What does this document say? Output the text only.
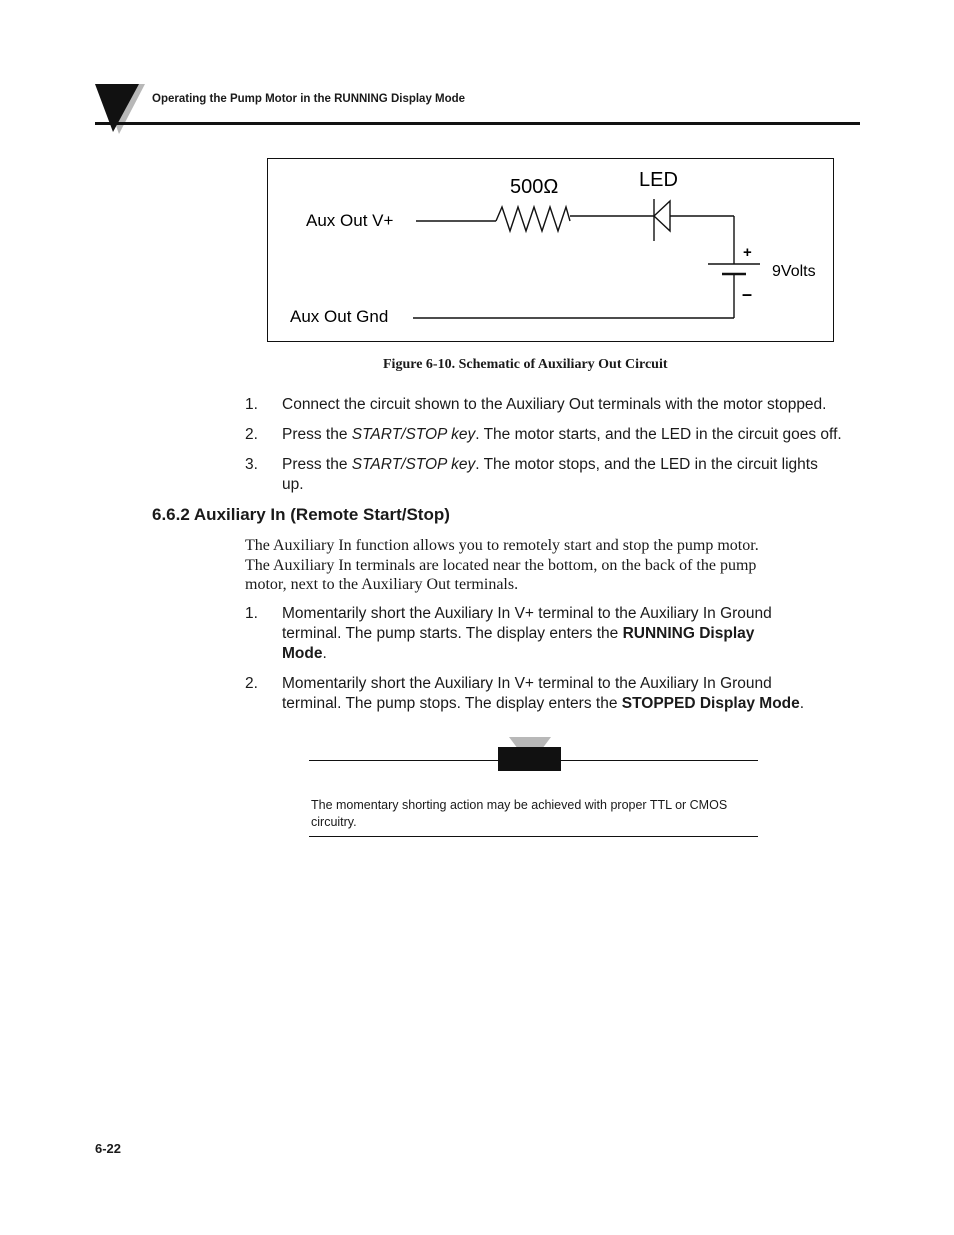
Operating the Pump Motor in the RUNNING Display Mode
Aux Out V+
Aux Out Gnd
500Ω	LED
+
–
9Volts
Figure 6-10. Schematic of Auxiliary Out Circuit
1. Connect the circuit shown to the Auxiliary Out terminals with the motor stopped.
2. Press the START/STOP key. The motor starts, and the LED in the circuit goes off.
3. Press the START/STOP key. The motor stops, and the LED in the circuit lights
up.
6.6.2 Auxiliary In (Remote Start/Stop)
The Auxiliary In function allows you to remotely start and stop the pump motor.
The Auxiliary In terminals are located near the bottom, on the back of the pump
motor, next to the Auxiliary Out terminals.
1. Momentarily short the Auxiliary In V+ terminal to the Auxiliary In Ground
terminal. The pump starts. The display enters the RUNNING Display
Mode.
2. Momentarily short the Auxiliary In V+ terminal to the Auxiliary In Ground
terminal. The pump stops. The display enters the STOPPED Display Mode.
The momentary shorting action may be achieved with proper TTL or CMOS
circuitry.
6-22
